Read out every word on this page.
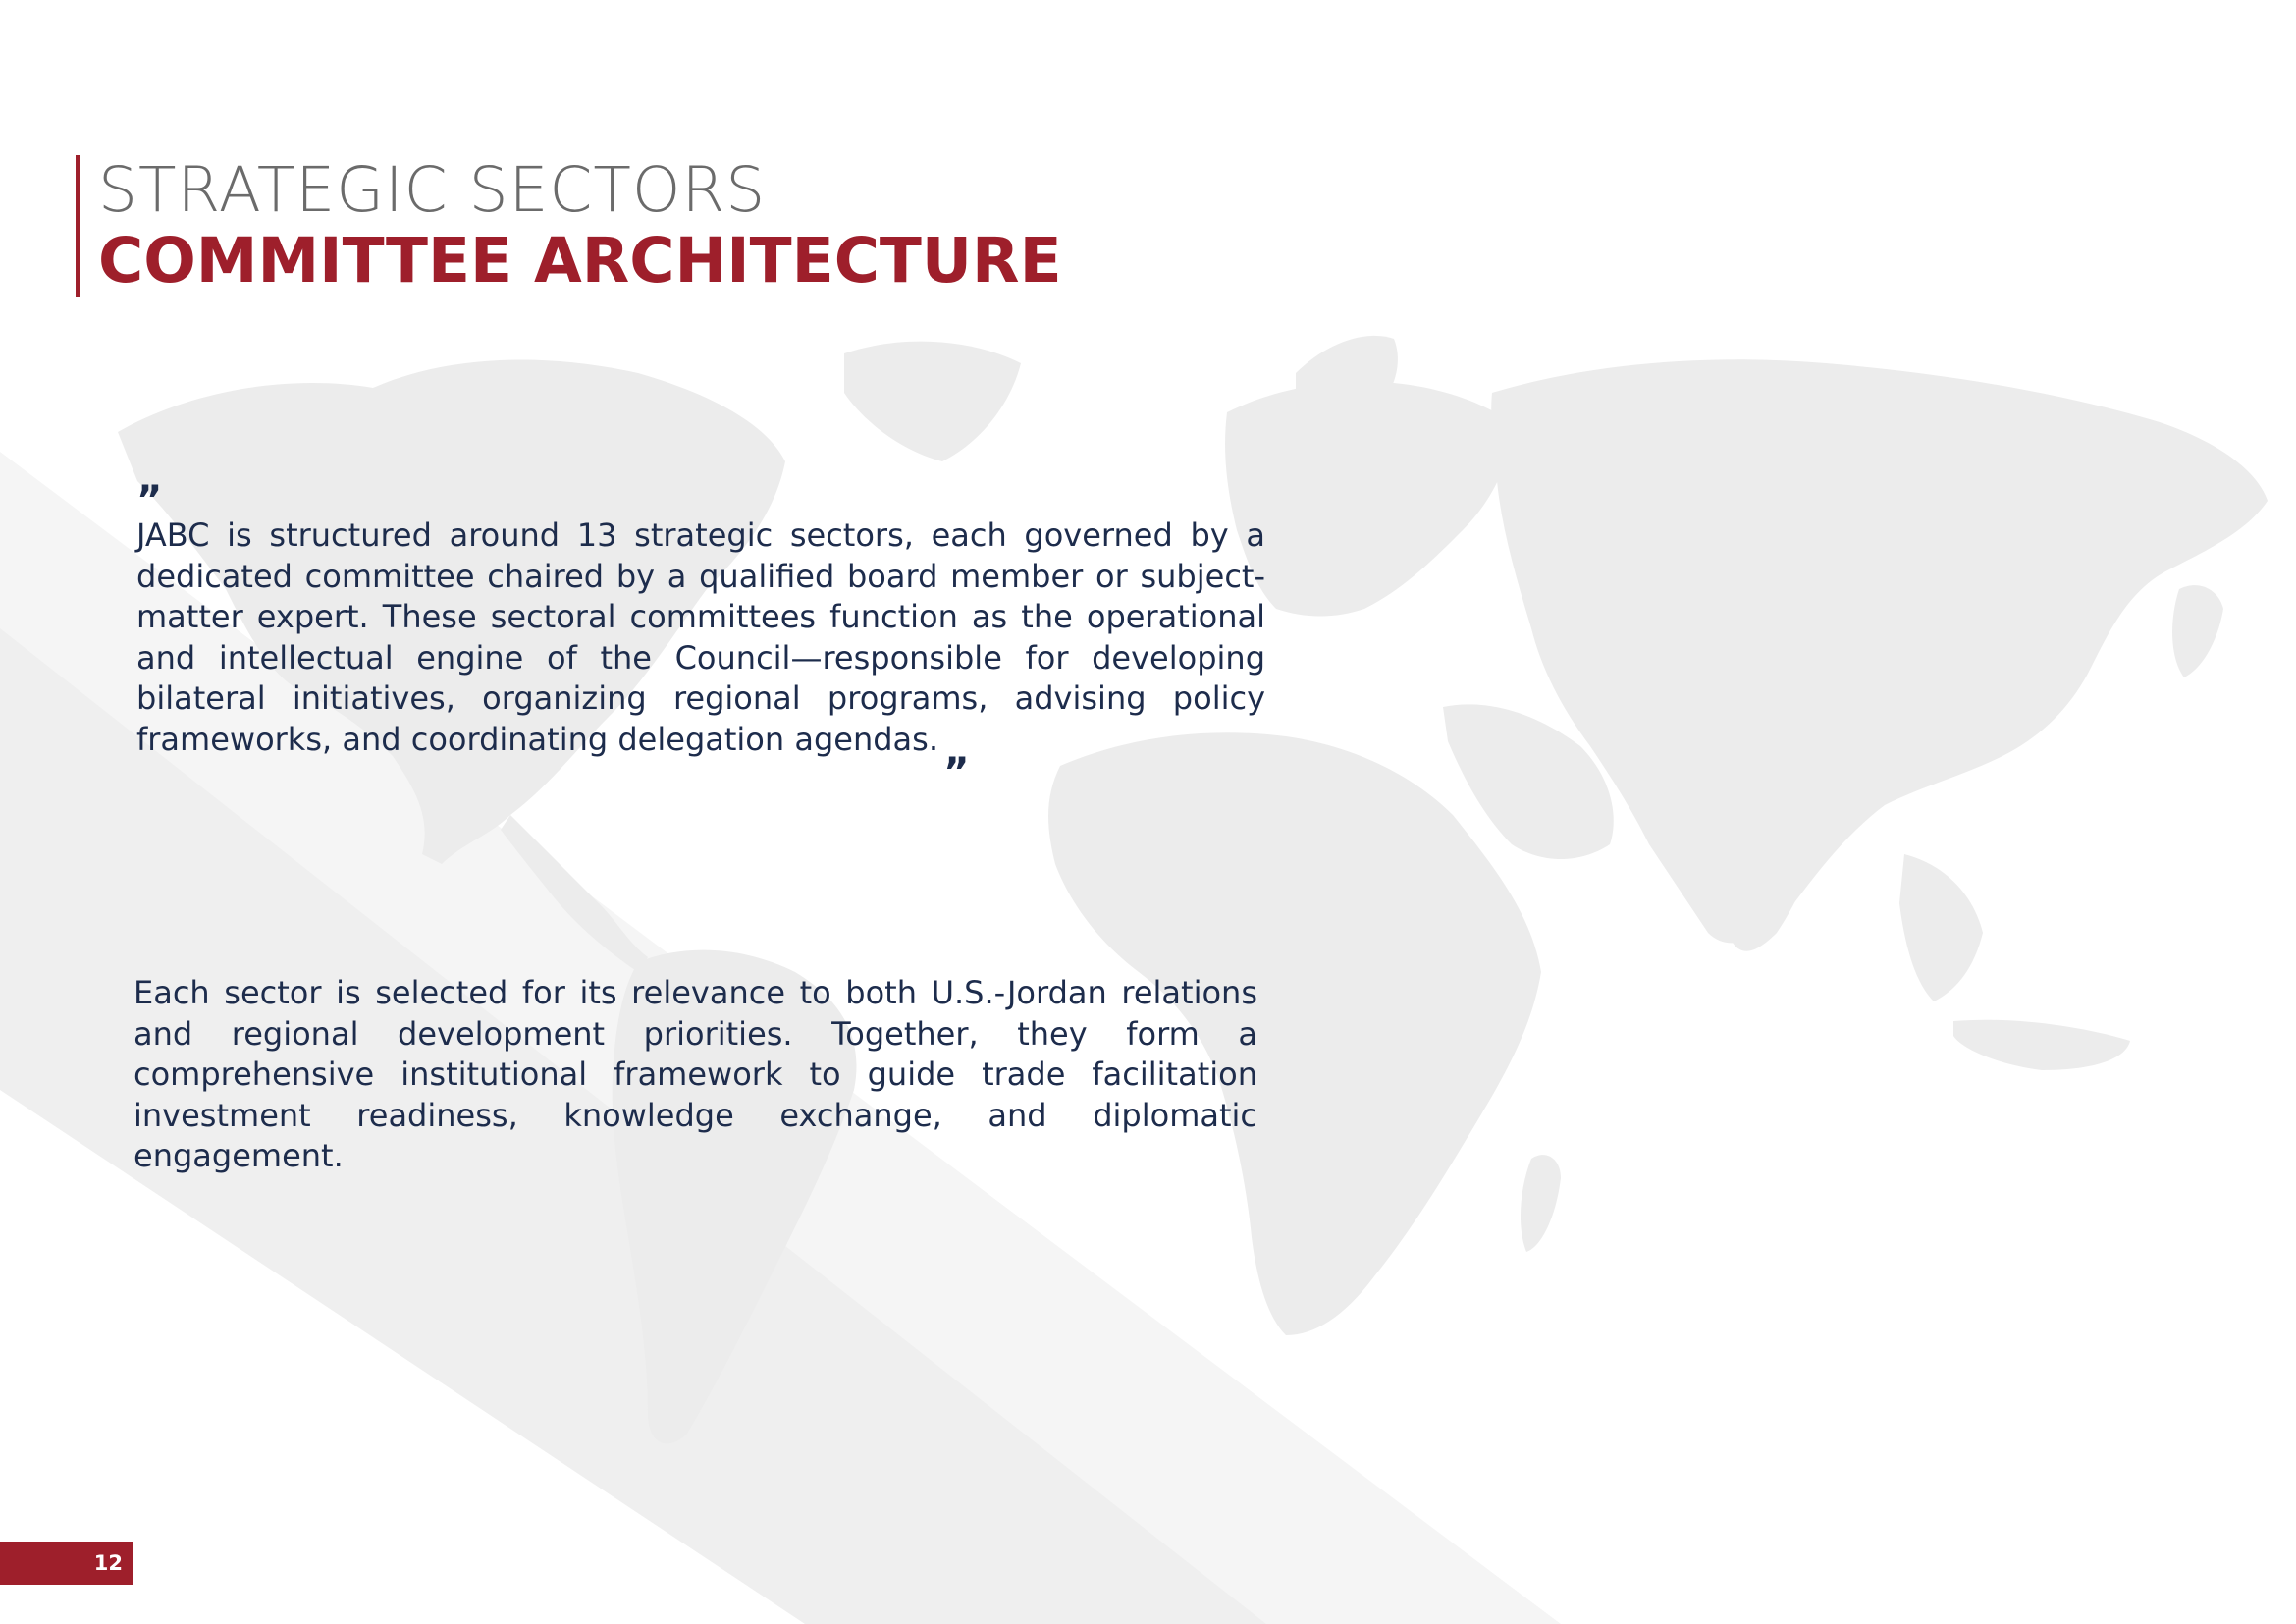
STRATEGIC SECTORS
COMMITTEE ARCHITECTURE
”

JABC is structured around 13 strategic sectors, each governed by a dedicated committee chaired by a qualified board member or subject-matter expert. These sectoral committees function as the operational and intellectual engine of the Council—responsible for developing bilateral initiatives, organizing regional programs, advising policy frameworks, and coordinating delegation agendas. „

Each sector is selected for its relevance to both U.S.-Jordan relations and regional development priorities. Together, they form a comprehensive institutional framework to guide trade facilitation investment readiness, knowledge exchange, and diplomatic engagement.

12
